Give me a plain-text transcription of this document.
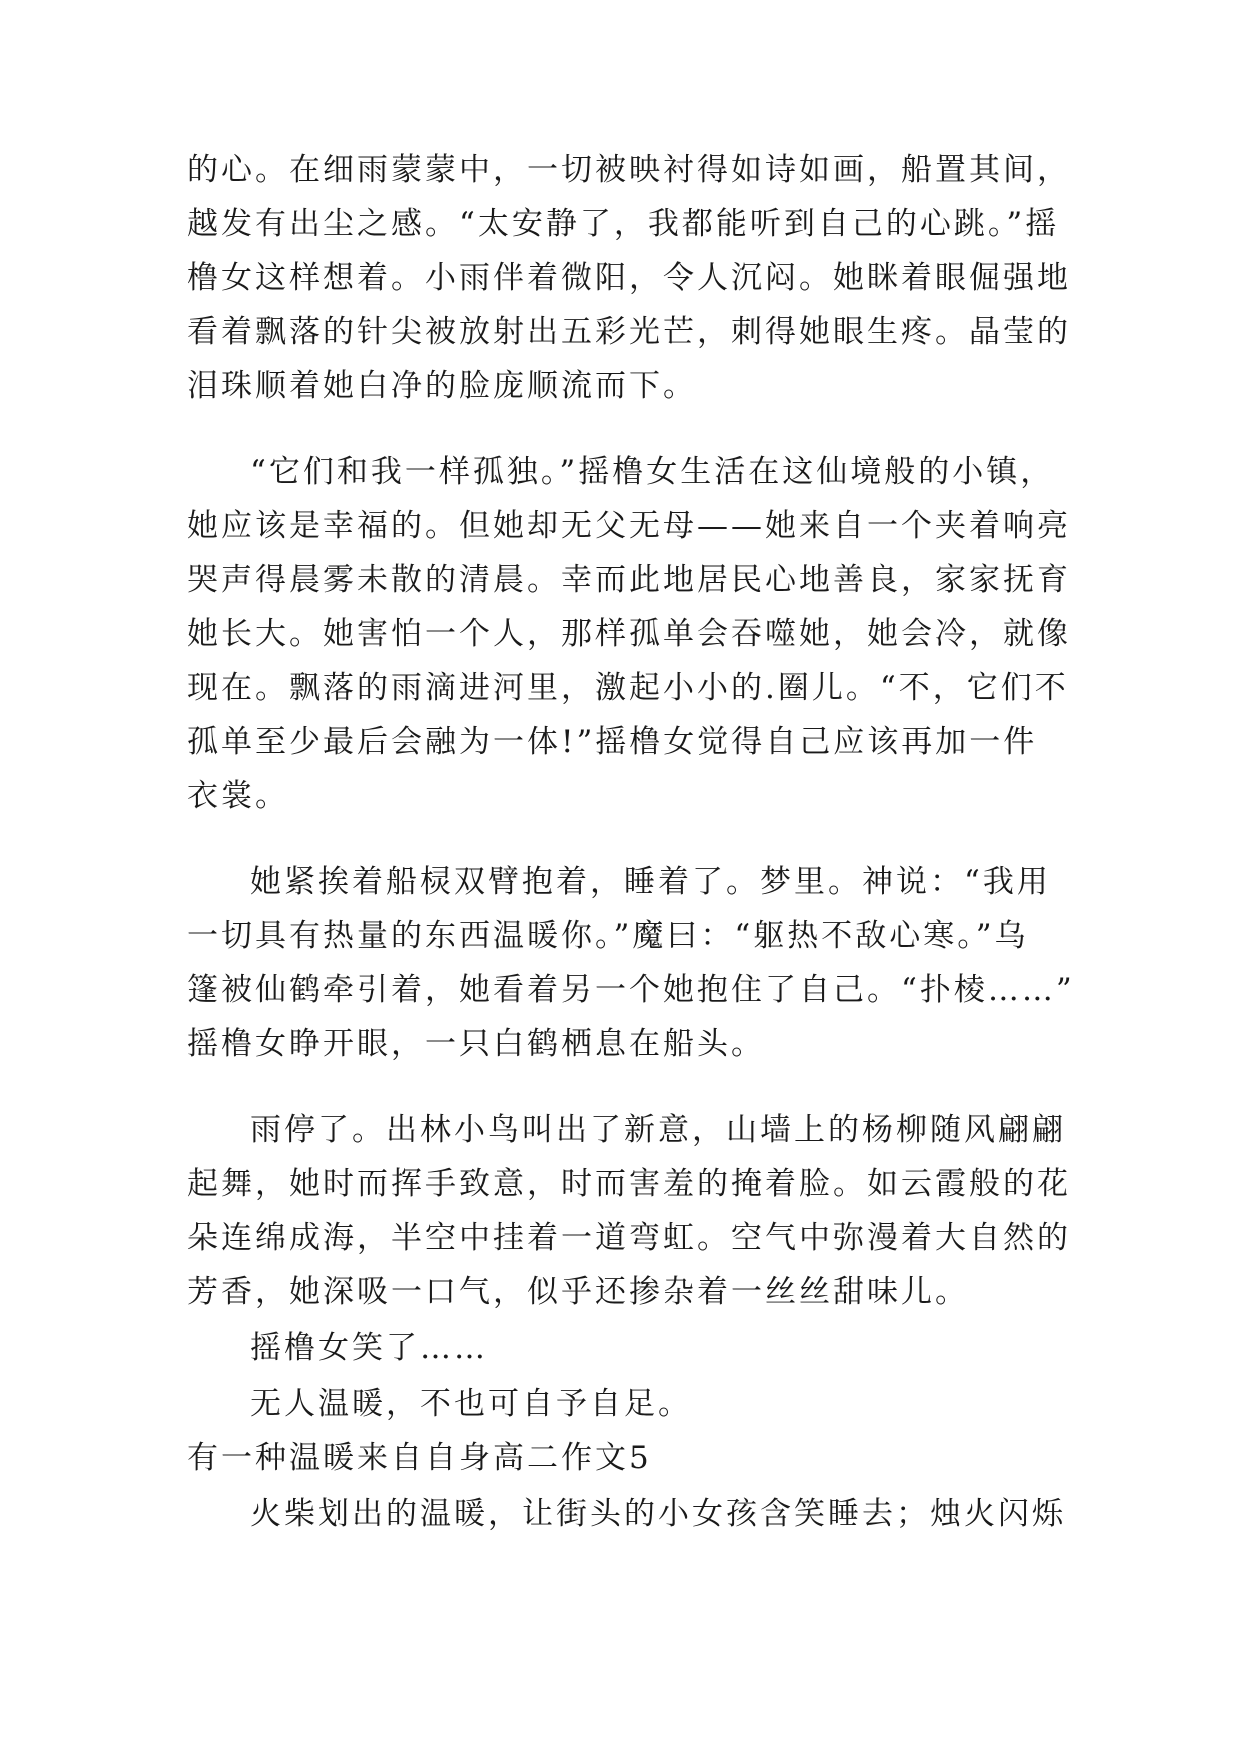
的心。在细雨蒙蒙中，一切被映衬得如诗如画，船置其间，
越发有出尘之感。“太安静了，我都能听到自己的心跳。”摇
橹女这样想着。小雨伴着微阳，令人沉闷。她眯着眼倔强地
看着飘落的针尖被放射出五彩光芒，刺得她眼生疼。晶莹的
泪珠顺着她白净的脸庞顺流而下。
“它们和我一样孤独。”摇橹女生活在这仙境般的小镇，
她应该是幸福的。但她却无父无母——她来自一个夹着响亮
哭声得晨雾未散的清晨。幸而此地居民心地善良，家家抚育
她长大。她害怕一个人，那样孤单会吞噬她，她会冷，就像
现在。飘落的雨滴进河里，激起小小的.圈儿。“不，它们不
孤单至少最后会融为一体!”摇橹女觉得自己应该再加一件
衣裳。
她紧挨着船棂双臂抱着，睡着了。梦里。神说：“我用
一切具有热量的东西温暖你。”魔曰：“躯热不敌心寒。”乌
篷被仙鹤牵引着，她看着另一个她抱住了自己。“扑棱……”
摇橹女睁开眼，一只白鹤栖息在船头。
雨停了。出林小鸟叫出了新意，山墙上的杨柳随风翩翩
起舞，她时而挥手致意，时而害羞的掩着脸。如云霞般的花
朵连绵成海，半空中挂着一道弯虹。空气中弥漫着大自然的
芳香，她深吸一口气，似乎还掺杂着一丝丝甜味儿。
摇橹女笑了……
无人温暖，不也可自予自足。
有一种温暖来自自身高二作文5
火柴划出的温暖，让街头的小女孩含笑睡去；烛火闪烁
